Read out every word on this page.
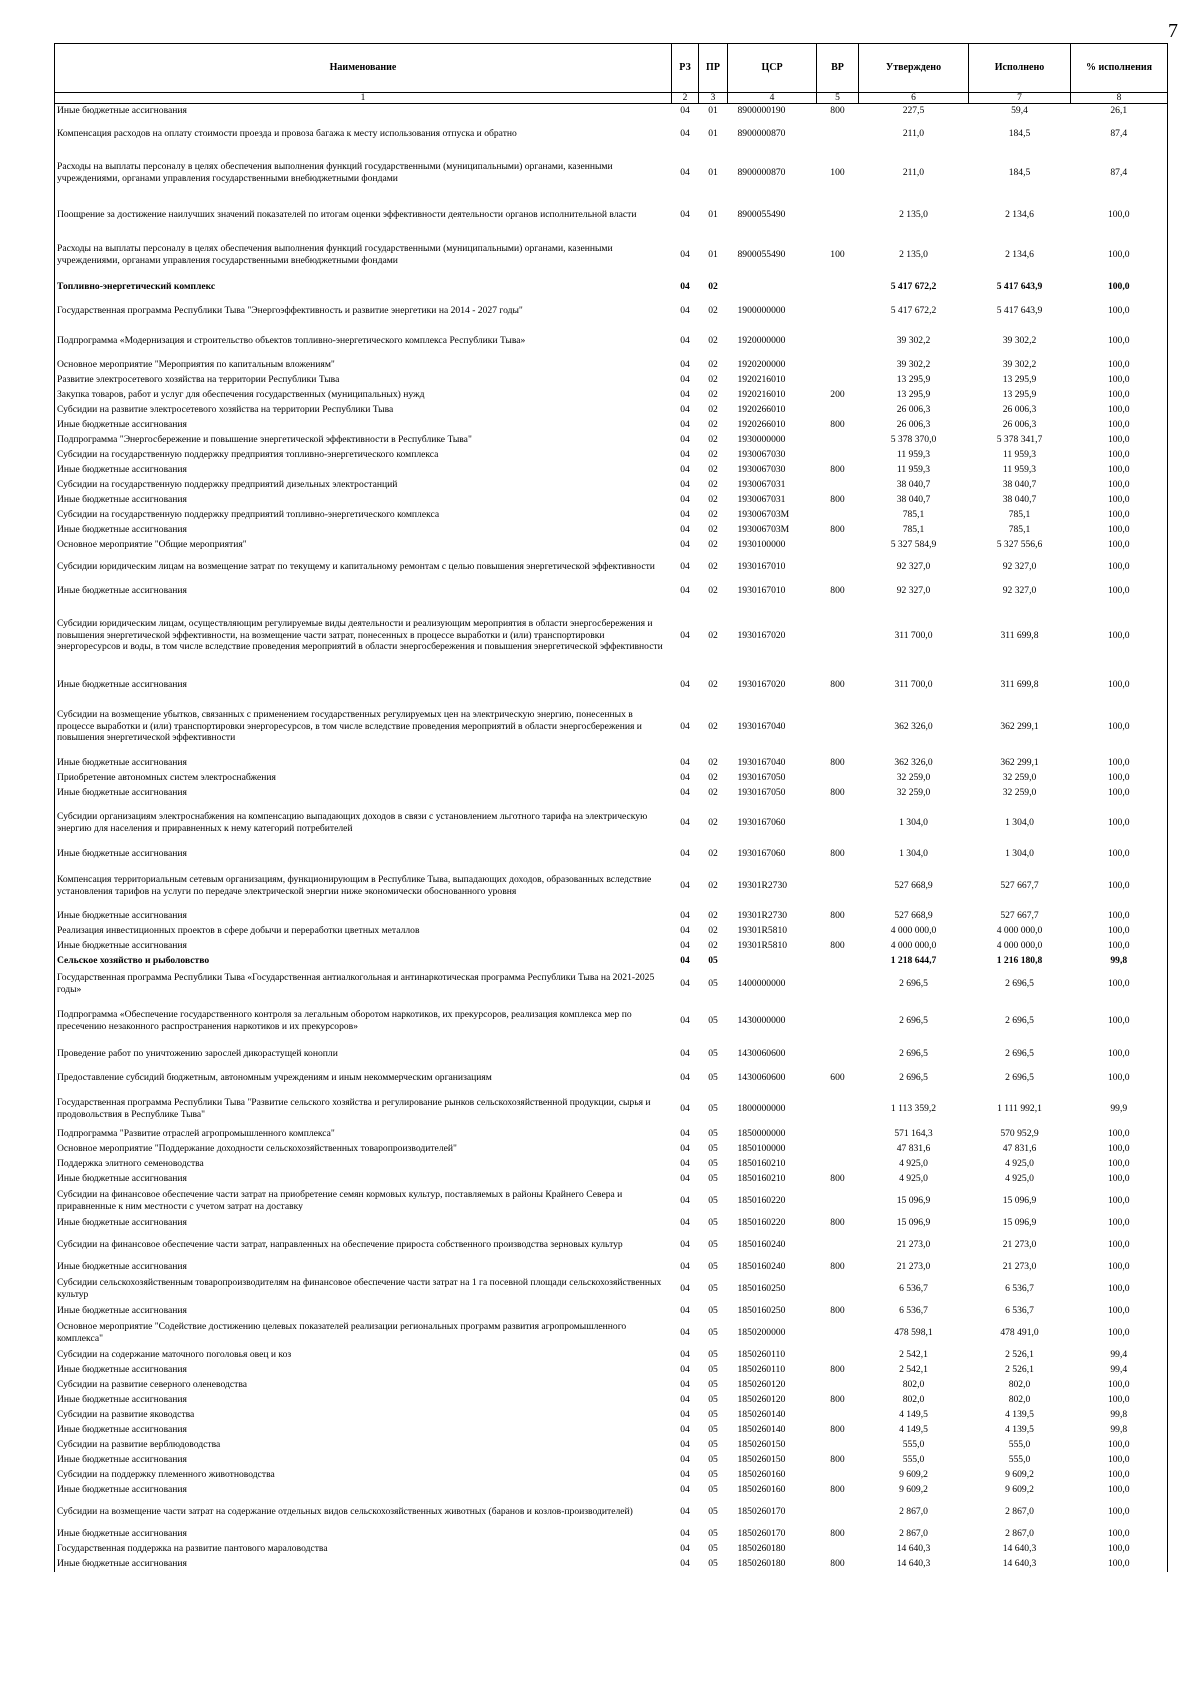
7
Наименование	РЗ	ПР	ЦСР	ВР	Утверждено	Исполнено	% исполнения
1	2	3	4	5	6	7	8
Иные бюджетные ассигнования	04	01	8900000190	800	227,5	59,4	26,1
Компенсация расходов на оплату стоимости проезда и провоза багажа к месту использования отпуска и обратно	04	01	8900000870		211,0	184,5	87,4
Расходы на выплаты персоналу в целях обеспечения выполнения функций государственными (муниципальными) органами, казенными учреждениями, органами управления государственными внебюджетными фондами	04	01	8900000870	100	211,0	184,5	87,4
Поощрение за достижение наилучших значений показателей по итогам оценки эффективности деятельности органов исполнительной власти	04	01	8900055490		2 135,0	2 134,6	100,0
Расходы на выплаты персоналу в целях обеспечения выполнения функций государственными (муниципальными) органами, казенными учреждениями, органами управления государственными внебюджетными фондами	04	01	8900055490	100	2 135,0	2 134,6	100,0
Топливно-энергетический комплекс	04	02			5 417 672,2	5 417 643,9	100,0
Государственная программа Республики Тыва "Энергоэффективность и развитие энергетики на 2014 - 2027 годы"	04	02	1900000000		5 417 672,2	5 417 643,9	100,0
Подпрограмма «Модернизация и строительство объектов топливно-энергетического комплекса Республики Тыва»	04	02	1920000000		39 302,2	39 302,2	100,0
Основное мероприятие "Мероприятия по капитальным вложениям"	04	02	1920200000		39 302,2	39 302,2	100,0
Развитие электросетевого хозяйства на территории Республики Тыва	04	02	1920216010		13 295,9	13 295,9	100,0
Закупка товаров, работ и услуг для обеспечения государственных (муниципальных) нужд	04	02	1920216010	200	13 295,9	13 295,9	100,0
Субсидии на развитие электросетевого хозяйства на территории Республики Тыва	04	02	1920266010		26 006,3	26 006,3	100,0
Иные бюджетные ассигнования	04	02	1920266010	800	26 006,3	26 006,3	100,0
Подпрограмма "Энергосбережение и повышение энергетической эффективности в Республике Тыва"	04	02	1930000000		5 378 370,0	5 378 341,7	100,0
Субсидии на государственную поддержку предприятия топливно-энергетического комплекса	04	02	1930067030		11 959,3	11 959,3	100,0
Иные бюджетные ассигнования	04	02	1930067030	800	11 959,3	11 959,3	100,0
Субсидии на государственную поддержку предприятий дизельных электростанций	04	02	1930067031		38 040,7	38 040,7	100,0
Иные бюджетные ассигнования	04	02	1930067031	800	38 040,7	38 040,7	100,0
Субсидии на государственную поддержку предприятий топливно-энергетического комплекса	04	02	193006703М		785,1	785,1	100,0
Иные бюджетные ассигнования	04	02	193006703М	800	785,1	785,1	100,0
Основное мероприятие "Общие мероприятия"	04	02	1930100000		5 327 584,9	5 327 556,6	100,0
Субсидии юридическим лицам на возмещение затрат по текущему и капитальному ремонтам с целью повышения энергетической эффективности	04	02	1930167010		92 327,0	92 327,0	100,0
Иные бюджетные ассигнования	04	02	1930167010	800	92 327,0	92 327,0	100,0
Субсидии юридическим лицам, осуществляющим регулируемые виды деятельности и реализующим мероприятия в области энергосбережения и повышения энергетической эффективности, на возмещение части затрат, понесенных в процессе выработки и (или) транспортировки энергоресурсов и воды, в том числе вследствие проведения мероприятий в области энергосбережения и повышения энергетической эффективности	04	02	1930167020		311 700,0	311 699,8	100,0
Иные бюджетные ассигнования	04	02	1930167020	800	311 700,0	311 699,8	100,0
Субсидии на возмещение убытков, связанных с применением государственных регулируемых цен на электрическую энергию, понесенных в процессе выработки и (или) транспортировки энергоресурсов, в том числе вследствие проведения мероприятий в области энергосбережения и повышения энергетической эффективности	04	02	1930167040		362 326,0	362 299,1	100,0
Иные бюджетные ассигнования	04	02	1930167040	800	362 326,0	362 299,1	100,0
Приобретение автономных систем электроснабжения	04	02	1930167050		32 259,0	32 259,0	100,0
Иные бюджетные ассигнования	04	02	1930167050	800	32 259,0	32 259,0	100,0
Субсидии организациям электроснабжения на компенсацию выпадающих доходов в связи с установлением льготного тарифа на электрическую энергию для населения и приравненных к нему категорий потребителей	04	02	1930167060		1 304,0	1 304,0	100,0
Иные бюджетные ассигнования	04	02	1930167060	800	1 304,0	1 304,0	100,0
Компенсация территориальным сетевым организациям, функционирующим в Республике Тыва, выпадающих доходов, образованных вследствие установления тарифов на услуги по передаче электрической энергии ниже экономически обоснованного уровня	04	02	19301R2730		527 668,9	527 667,7	100,0
Иные бюджетные ассигнования	04	02	19301R2730	800	527 668,9	527 667,7	100,0
Реализация инвестиционных проектов в сфере добычи и переработки цветных металлов	04	02	19301R5810		4 000 000,0	4 000 000,0	100,0
Иные бюджетные ассигнования	04	02	19301R5810	800	4 000 000,0	4 000 000,0	100,0
Сельское хозяйство и рыболовство	04	05			1 218 644,7	1 216 180,8	99,8
Государственная программа Республики Тыва «Государственная антиалкогольная и антинаркотическая программа Республики Тыва на 2021-2025 годы»	04	05	1400000000		2 696,5	2 696,5	100,0
Подпрограмма «Обеспечение государственного контроля за легальным оборотом наркотиков, их прекурсоров, реализация комплекса мер по пресечению незаконного распространения наркотиков и их прекурсоров»	04	05	1430000000		2 696,5	2 696,5	100,0
Проведение работ по уничтожению зарослей дикорастущей конопли	04	05	1430060600		2 696,5	2 696,5	100,0
Предоставление субсидий бюджетным, автономным учреждениям и иным некоммерческим организациям	04	05	1430060600	600	2 696,5	2 696,5	100,0
Государственная программа Республики Тыва "Развитие сельского хозяйства и регулирование рынков сельскохозяйственной продукции, сырья и продовольствия в Республике Тыва"	04	05	1800000000		1 113 359,2	1 111 992,1	99,9
Подпрограмма "Развитие отраслей агропромышленного комплекса"	04	05	1850000000		571 164,3	570 952,9	100,0
Основное мероприятие "Поддержание доходности сельскохозяйственных товаропроизводителей"	04	05	1850100000		47 831,6	47 831,6	100,0
Поддержка элитного семеноводства	04	05	1850160210		4 925,0	4 925,0	100,0
Иные бюджетные ассигнования	04	05	1850160210	800	4 925,0	4 925,0	100,0
Субсидии на финансовое обеспечение части затрат на приобретение семян кормовых культур, поставляемых в районы Крайнего Севера и приравненные к ним местности с учетом затрат на доставку	04	05	1850160220		15 096,9	15 096,9	100,0
Иные бюджетные ассигнования	04	05	1850160220	800	15 096,9	15 096,9	100,0
Субсидии на финансовое обеспечение части затрат, направленных на обеспечение прироста собственного производства зерновых культур	04	05	1850160240		21 273,0	21 273,0	100,0
Иные бюджетные ассигнования	04	05	1850160240	800	21 273,0	21 273,0	100,0
Субсидии сельскохозяйственным товаропроизводителям на финансовое обеспечение части затрат на 1 га посевной площади сельскохозяйственных культур	04	05	1850160250		6 536,7	6 536,7	100,0
Иные бюджетные ассигнования	04	05	1850160250	800	6 536,7	6 536,7	100,0
Основное мероприятие "Содействие достижению целевых показателей реализации региональных программ развития агропромышленного комплекса"	04	05	1850200000		478 598,1	478 491,0	100,0
Субсидии на содержание маточного поголовья овец и коз	04	05	1850260110		2 542,1	2 526,1	99,4
Иные бюджетные ассигнования	04	05	1850260110	800	2 542,1	2 526,1	99,4
Субсидии на развитие северного оленеводства	04	05	1850260120		802,0	802,0	100,0
Иные бюджетные ассигнования	04	05	1850260120	800	802,0	802,0	100,0
Субсидии на развитие яководства	04	05	1850260140		4 149,5	4 139,5	99,8
Иные бюджетные ассигнования	04	05	1850260140	800	4 149,5	4 139,5	99,8
Субсидии на развитие верблюдоводства	04	05	1850260150		555,0	555,0	100,0
Иные бюджетные ассигнования	04	05	1850260150	800	555,0	555,0	100,0
Субсидии на поддержку племенного животноводства	04	05	1850260160		9 609,2	9 609,2	100,0
Иные бюджетные ассигнования	04	05	1850260160	800	9 609,2	9 609,2	100,0
Субсидии на возмещение части затрат на содержание отдельных видов сельскохозяйственных животных (баранов и козлов-производителей)	04	05	1850260170		2 867,0	2 867,0	100,0
Иные бюджетные ассигнования	04	05	1850260170	800	2 867,0	2 867,0	100,0
Государственная поддержка на развитие пантового мараловодства	04	05	1850260180		14 640,3	14 640,3	100,0
Иные бюджетные ассигнования	04	05	1850260180	800	14 640,3	14 640,3	100,0
